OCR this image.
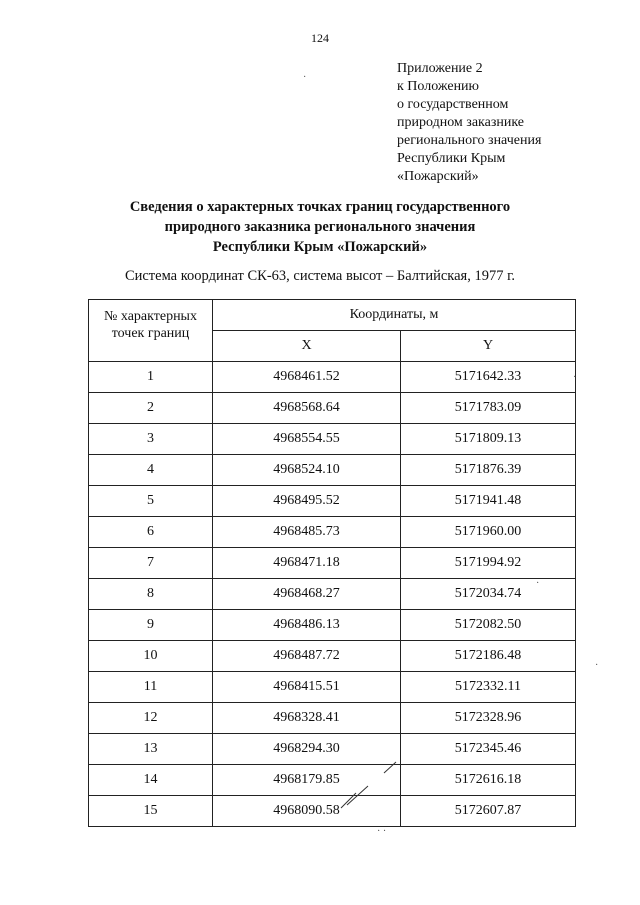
124
Приложение 2
к Положению
о государственном
природном заказнике
регионального значения
Республики Крым
«Пожарский»
Сведения о характерных точках границ государственного
природного заказника регионального значения
Республики Крым «Пожарский»
Система координат СК-63, система высот – Балтийская, 1977 г.
№ характерных
точек границ	Координаты, м	
	X	Y
1	4968461.52	5171642.33
2	4968568.64	5171783.09
3	4968554.55	5171809.13
4	4968524.10	5171876.39
5	4968495.52	5171941.48
6	4968485.73	5171960.00
7	4968471.18	5171994.92
8	4968468.27	5172034.74
9	4968486.13	5172082.50
10	4968487.72	5172186.48
11	4968415.51	5172332.11
12	4968328.41	5172328.96
13	4968294.30	5172345.46
14	4968179.85	5172616.18
15	4968090.58	5172607.87
·
·
·
·
· ·
